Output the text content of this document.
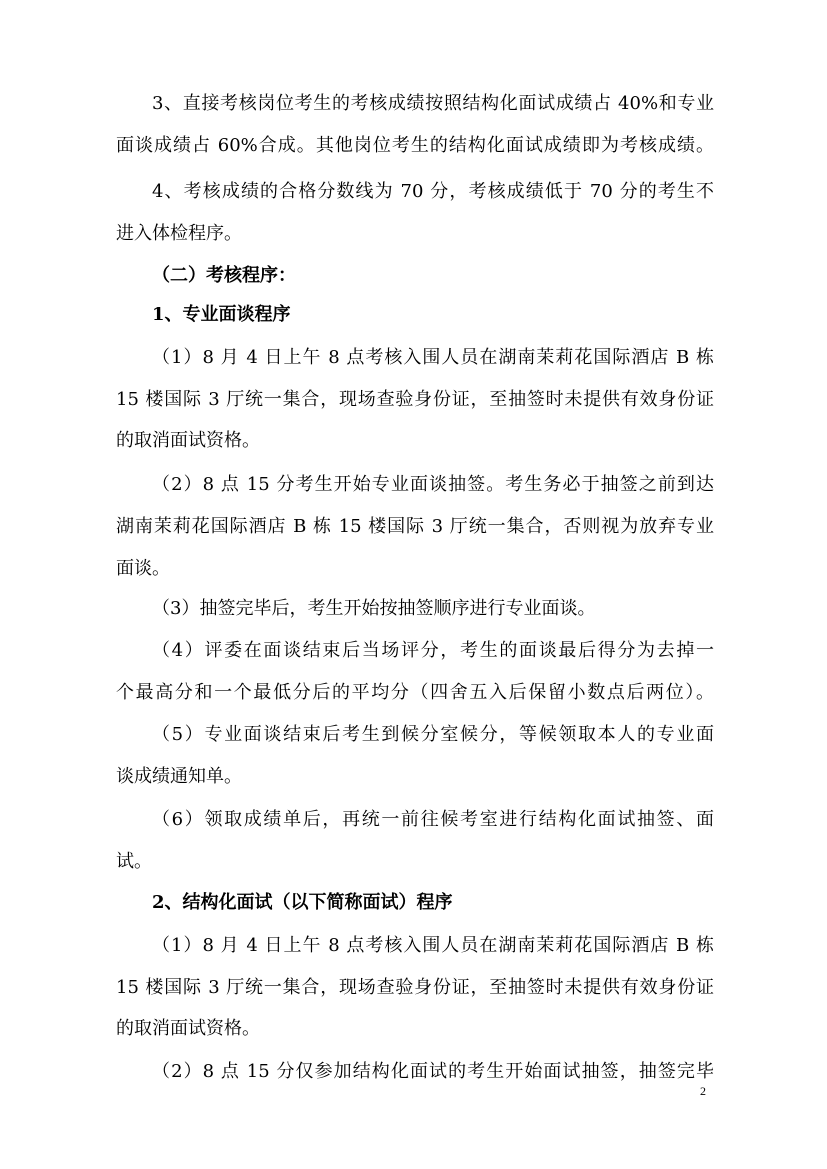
3、直接考核岗位考生的考核成绩按照结构化面试成绩占 40%和专业
面谈成绩占 60%合成。其他岗位考生的结构化面试成绩即为考核成绩。
4、考核成绩的合格分数线为 70 分，考核成绩低于 70 分的考生不
进入体检程序。
（二）考核程序：
1、专业面谈程序
（1）8 月 4 日上午 8 点考核入围人员在湖南茉莉花国际酒店 B 栋
15 楼国际 3 厅统一集合，现场查验身份证，至抽签时未提供有效身份证
的取消面试资格。
（2）8 点 15 分考生开始专业面谈抽签。考生务必于抽签之前到达
湖南茉莉花国际酒店 B 栋 15 楼国际 3 厅统一集合，否则视为放弃专业
面谈。
（3）抽签完毕后，考生开始按抽签顺序进行专业面谈。
（4）评委在面谈结束后当场评分，考生的面谈最后得分为去掉一
个最高分和一个最低分后的平均分（四舍五入后保留小数点后两位）。
（5）专业面谈结束后考生到候分室候分，等候领取本人的专业面
谈成绩通知单。
（6）领取成绩单后，再统一前往候考室进行结构化面试抽签、面
试。
2、结构化面试（以下简称面试）程序
（1）8 月 4 日上午 8 点考核入围人员在湖南茉莉花国际酒店 B 栋
15 楼国际 3 厅统一集合，现场查验身份证，至抽签时未提供有效身份证
的取消面试资格。
（2）8 点 15 分仅参加结构化面试的考生开始面试抽签，抽签完毕
2
